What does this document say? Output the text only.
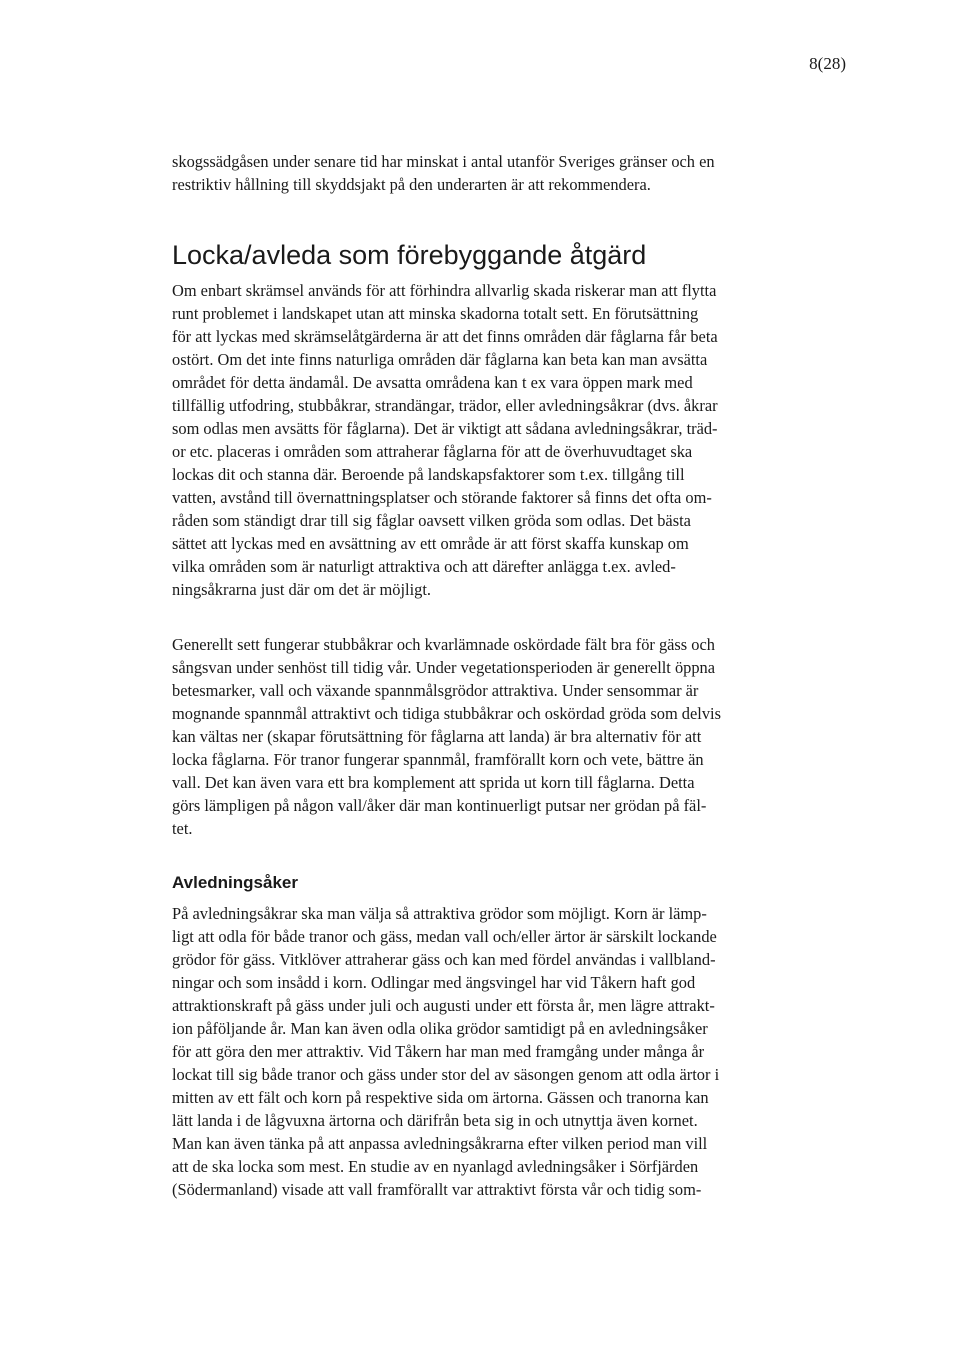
8(28)

skogssädgåsen under senare tid har minskat i antal utanför Sveriges gränser och en
restriktiv hållning till skyddsjakt på den underarten är att rekommendera.

Locka/avleda som förebyggande åtgärd

Om enbart skrämsel används för att förhindra allvarlig skada riskerar man att flytta
runt problemet i landskapet utan att minska skadorna totalt sett. En förutsättning
för att lyckas med skrämselåtgärderna är att det finns områden där fåglarna får beta
ostört. Om det inte finns naturliga områden där fåglarna kan beta kan man avsätta
området för detta ändamål. De avsatta områdena kan t ex vara öppen mark med
tillfällig utfodring, stubbåkrar, strandängar, trädor, eller avledningsåkrar (dvs. åkrar
som odlas men avsätts för fåglarna). Det är viktigt att sådana avledningsåkrar, träd-
or etc. placeras i områden som attraherar fåglarna för att de överhuvudtaget ska
lockas dit och stanna där. Beroende på landskapsfaktorer som t.ex. tillgång till
vatten, avstånd till övernattningsplatser och störande faktorer så finns det ofta om-
råden som ständigt drar till sig fåglar oavsett vilken gröda som odlas. Det bästa
sättet att lyckas med en avsättning av ett område är att först skaffa kunskap om
vilka områden som är naturligt attraktiva och att därefter anlägga t.ex. avled-
ningsåkrarna just där om det är möjligt.

Generellt sett fungerar stubbåkrar och kvarlämnade oskördade fält bra för gäss och
sångsvan under senhöst till tidig vår. Under vegetationsperioden är generellt öppna
betesmarker, vall och växande spannmålsgrödor attraktiva. Under sensommar är
mognande spannmål attraktivt och tidiga stubbåkrar och oskördad gröda som delvis
kan vältas ner (skapar förutsättning för fåglarna att landa) är bra alternativ för att
locka fåglarna. För tranor fungerar spannmål, framförallt korn och vete, bättre än
vall. Det kan även vara ett bra komplement att sprida ut korn till fåglarna. Detta
görs lämpligen på någon vall/åker där man kontinuerligt putsar ner grödan på fäl-
tet.

Avledningsåker

På avledningsåkrar ska man välja så attraktiva grödor som möjligt. Korn är lämp-
ligt att odla för både tranor och gäss, medan vall och/eller ärtor är särskilt lockande
grödor för gäss. Vitklöver attraherar gäss och kan med fördel användas i vallbland-
ningar och som insådd i korn. Odlingar med ängsvingel har vid Tåkern haft god
attraktionskraft på gäss under juli och augusti under ett första år, men lägre attrakt-
ion påföljande år. Man kan även odla olika grödor samtidigt på en avledningsåker
för att göra den mer attraktiv. Vid Tåkern har man med framgång under många år
lockat till sig både tranor och gäss under stor del av säsongen genom att odla ärtor i
mitten av ett fält och korn på respektive sida om ärtorna. Gässen och tranorna kan
lätt landa i de lågvuxna ärtorna och därifrån beta sig in och utnyttja även kornet.
Man kan även tänka på att anpassa avledningsåkrarna efter vilken period man vill
att de ska locka som mest. En studie av en nyanlagd avledningsåker i Sörfjärden
(Södermanland) visade att vall framförallt var attraktivt första vår och tidig som-
